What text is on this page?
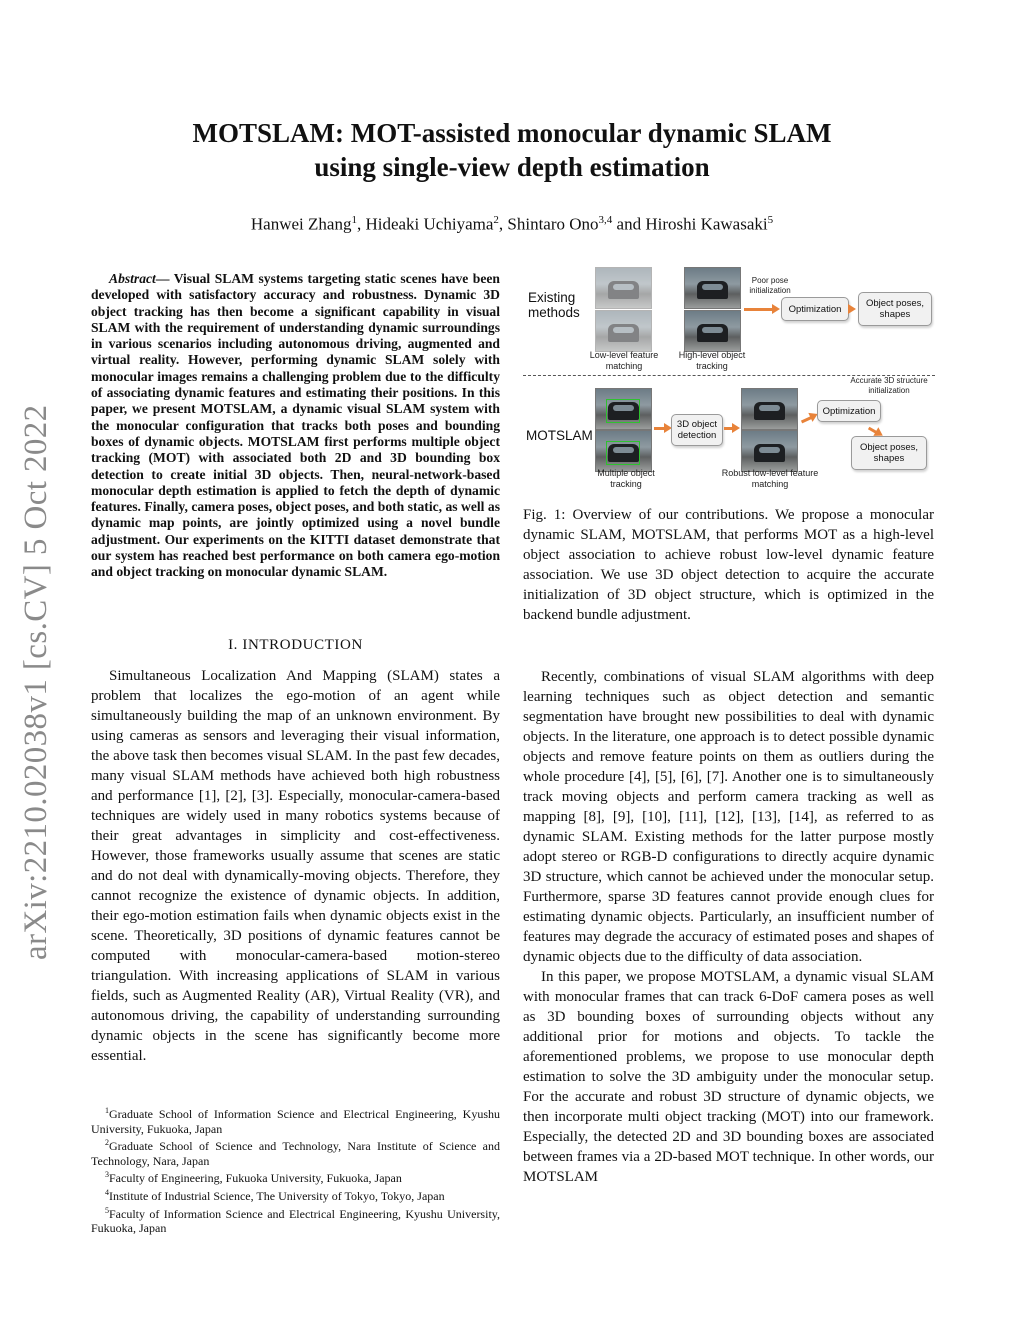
arXiv:2210.02038v1 [cs.CV] 5 Oct 2022
MOTSLAM: MOT-assisted monocular dynamic SLAM
using single-view depth estimation
Hanwei Zhang$^1$, Hideaki Uchiyama$^2$, Shintaro Ono$^{3,4}$ and Hiroshi Kawasaki$^5$
Abstract— Visual SLAM systems targeting static scenes have been developed with satisfactory accuracy and robustness. Dynamic 3D object tracking has then become a significant capability in visual SLAM with the requirement of understanding dynamic surroundings in various scenarios including autonomous driving, augmented and virtual reality. However, performing dynamic SLAM solely with monocular images remains a challenging problem due to the difficulty of associating dynamic features and estimating their positions. In this paper, we present MOTSLAM, a dynamic visual SLAM system with the monocular configuration that tracks both poses and bounding boxes of dynamic objects. MOTSLAM first performs multiple object tracking (MOT) with associated both 2D and 3D bounding box detection to create initial 3D objects. Then, neural-network-based monocular depth estimation is applied to fetch the depth of dynamic features. Finally, camera poses, object poses, and both static, as well as dynamic map points, are jointly optimized using a novel bundle adjustment. Our experiments on the KITTI dataset demonstrate that our system has reached best performance on both camera ego-motion and object tracking on monocular dynamic SLAM.
I. INTRODUCTION

Simultaneous Localization And Mapping (SLAM) states a problem that localizes the ego-motion of an agent while simultaneously building the map of an unknown environment. By using cameras as sensors and leveraging their visual information, the above task then becomes visual SLAM. In the past few decades, many visual SLAM methods have achieved both high robustness and performance [1], [2], [3]. Especially, monocular-camera-based techniques are widely used in many robotics systems because of their great advantages in simplicity and cost-effectiveness. However, those frameworks usually assume that scenes are static and do not deal with dynamically-moving objects. Therefore, they cannot recognize the existence of dynamic objects. In addition, their ego-motion estimation fails when dynamic objects exist in the scene. Theoretically, 3D positions of dynamic features cannot be computed with monocular-camera-based motion-stereo triangulation. With increasing applications of SLAM in various fields, such as Augmented Reality (AR), Virtual Reality (VR), and autonomous driving, the capability of understanding surrounding dynamic objects in the scene has significantly become more essential.

$^1$Graduate School of Information Science and Electrical Engineering, Kyushu University, Fukuoka, Japan

$^2$Graduate School of Science and Technology, Nara Institute of Science and Technology, Nara, Japan

$^3$Faculty of Engineering, Fukuoka University, Fukuoka, Japan

$^4$Institute of Industrial Science, The University of Tokyo, Tokyo, Japan

$^5$Faculty of Information Science and Electrical Engineering, Kyushu University, Fukuoka, Japan

Existing
methods
Low-level feature
matching
High-level object
tracking
Poor pose
initialization
Optimization	Object poses,
shapes
MOTSLAM
3D object
detection
Multiple object
tracking
Robust low-level feature
matching
Accurate 3D structure
initialization
Optimization
Object poses,
shapes
Fig. 1: Overview of our contributions. We propose a monocular dynamic SLAM, MOTSLAM, that performs MOT as a high-level object association to achieve robust low-level dynamic feature association. We use 3D object detection to acquire the accurate initialization of 3D object structure, which is optimized in the backend bundle adjustment.

Recently, combinations of visual SLAM algorithms with deep learning techniques such as object detection and semantic segmentation have brought new possibilities to deal with dynamic objects. In the literature, one approach is to detect possible dynamic objects and remove feature points on them as outliers during the whole procedure [4], [5], [6], [7]. Another one is to simultaneously track moving objects and perform camera tracking as well as mapping [8], [9], [10], [11], [12], [13], [14], as referred to as dynamic SLAM. Existing methods for the latter purpose mostly adopt stereo or RGB-D configurations to directly acquire dynamic 3D structure, which cannot be achieved under the monocular setup. Furthermore, sparse 3D features cannot provide enough clues for estimating dynamic objects. Particularly, an insufficient number of features may degrade the accuracy of estimated poses and shapes of dynamic objects due to the difficulty of data association.

In this paper, we propose MOTSLAM, a dynamic visual SLAM with monocular frames that can track 6-DoF camera poses as well as 3D bounding boxes of surrounding objects without any additional prior for motions and objects. To tackle the aforementioned problems, we propose to use monocular depth estimation to solve the 3D ambiguity under the monocular setup. For the accurate and robust 3D structure of dynamic objects, we then incorporate multi object tracking (MOT) into our framework. Especially, the detected 2D and 3D bounding boxes are associated between frames via a 2D-based MOT technique. In other words, our MOTSLAM
